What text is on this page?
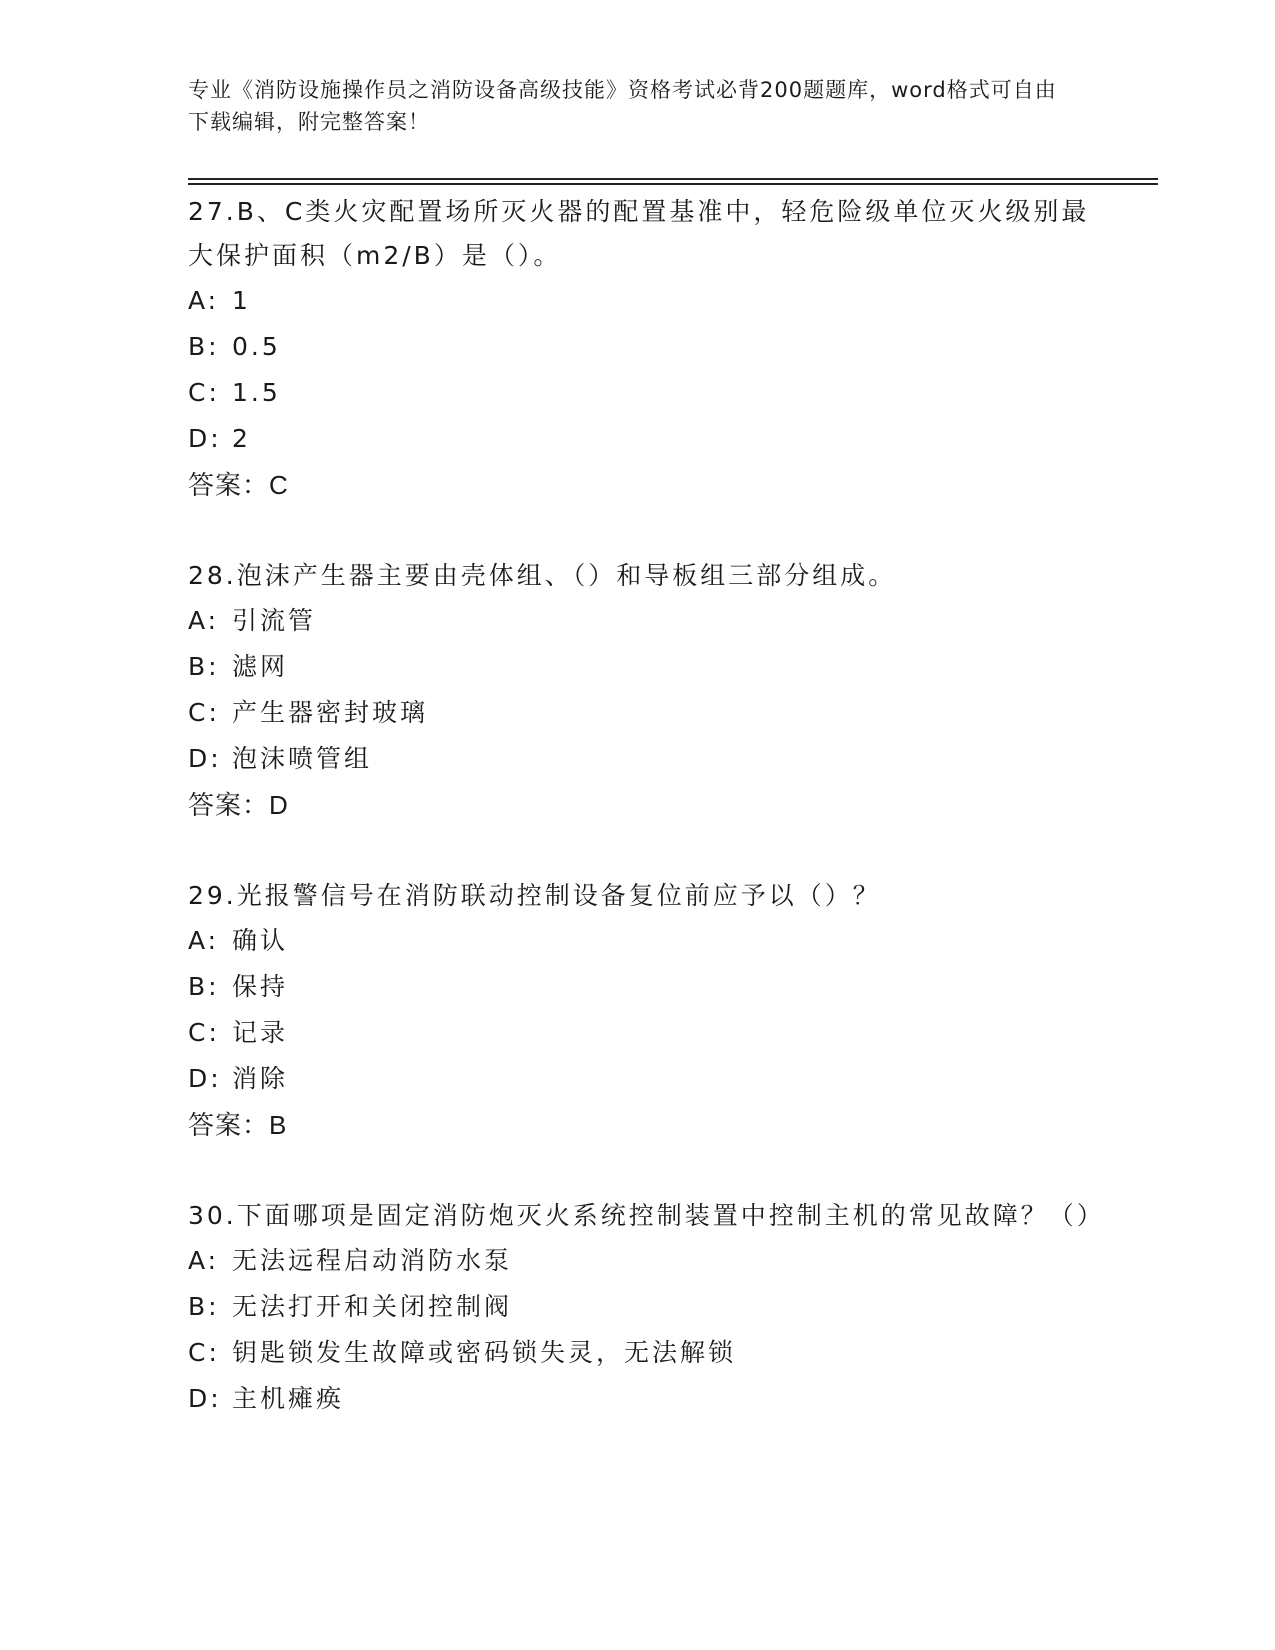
专业《消防设施操作员之消防设备高级技能》资格考试必背200题题库，word格式可自由下载编辑，附完整答案！

27.B、C类火灾配置场所灭火器的配置基准中，轻危险级单位灭火级别最大保护面积（m2/B）是（）。

A: 1
B: 0.5
C: 1.5
D: 2
答案：C

28.泡沫产生器主要由壳体组、（）和导板组三部分组成。

A: 引流管
B: 滤网
C: 产生器密封玻璃
D: 泡沫喷管组
答案：D

29.光报警信号在消防联动控制设备复位前应予以（）？

A: 确认
B: 保持
C: 记录
D: 消除
答案：B

30.下面哪项是固定消防炮灭火系统控制装置中控制主机的常见故障？（）

A: 无法远程启动消防水泵
B: 无法打开和关闭控制阀
C: 钥匙锁发生故障或密码锁失灵，无法解锁
D: 主机瘫痪
